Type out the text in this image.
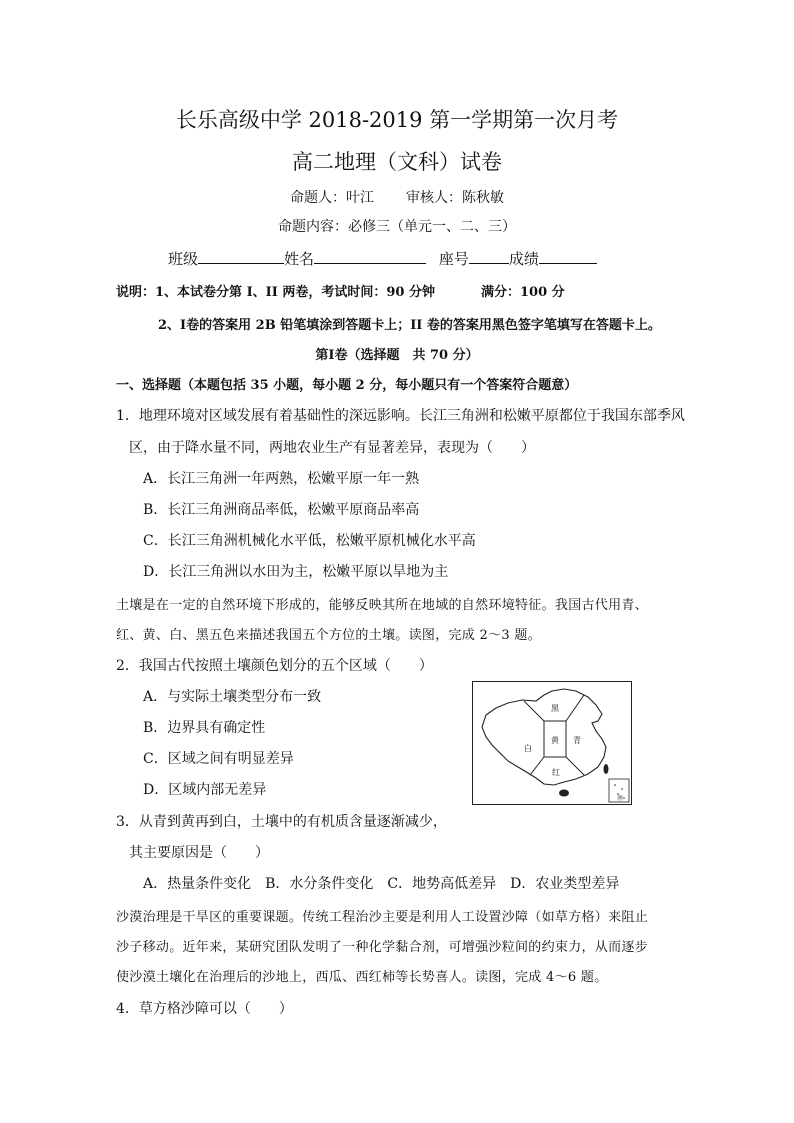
长乐高级中学 2018-2019 第一学期第一次月考
高二地理（文科）试卷
命题人：叶江 审核人：陈秋敏
命题内容：必修三（单元一、二、三）
班级	姓名	座号	成绩
说明：1、本试卷分第 I、II 两卷，考试时间：90 分钟	满分：100 分
2、Ⅰ卷的答案用 2B 铅笔填涂到答题卡上；II 卷的答案用黑色签字笔填写在答题卡上。
第Ⅰ卷（选择题　共 70 分）
一、选择题（本题包括 35 小题，每小题 2 分，每小题只有一个答案符合题意）
1．地理环境对区域发展有着基础性的深远影响。长江三角洲和松嫩平原都位于我国东部季风
区，由于降水量不同，两地农业生产有显著差异，表现为（　　）
A．长江三角洲一年两熟，松嫩平原一年一熟
B．长江三角洲商品率低，松嫩平原商品率高
C．长江三角洲机械化水平低，松嫩平原机械化水平高
D．长江三角洲以水田为主，松嫩平原以旱地为主
土壤是在一定的自然环境下形成的，能够反映其所在地域的自然环境特征。我国古代用青、
红、黄、白、黑五色来描述我国五个方位的土壤。读图，完成 2～3 题。
2．我国古代按照土壤颜色划分的五个区域（　　）
A．与实际土壤类型分布一致
B．边界具有确定性
C．区域之间有明显差异
D．区域内部无差异
南
黑
白
黄 青
红
3．从青到黄再到白，土壤中的有机质含量逐渐减少，
其主要原因是（　　）
A．热量条件变化　B．水分条件变化　C．地势高低差异　D．农业类型差异
沙漠治理是干旱区的重要课题。传统工程治沙主要是利用人工设置沙障（如草方格）来阻止
沙子移动。近年来，某研究团队发明了一种化学黏合剂，可增强沙粒间的约束力，从而逐步
使沙漠土壤化在治理后的沙地上，西瓜、西红柿等长势喜人。读图，完成 4～6 题。
4．草方格沙障可以（　　）
